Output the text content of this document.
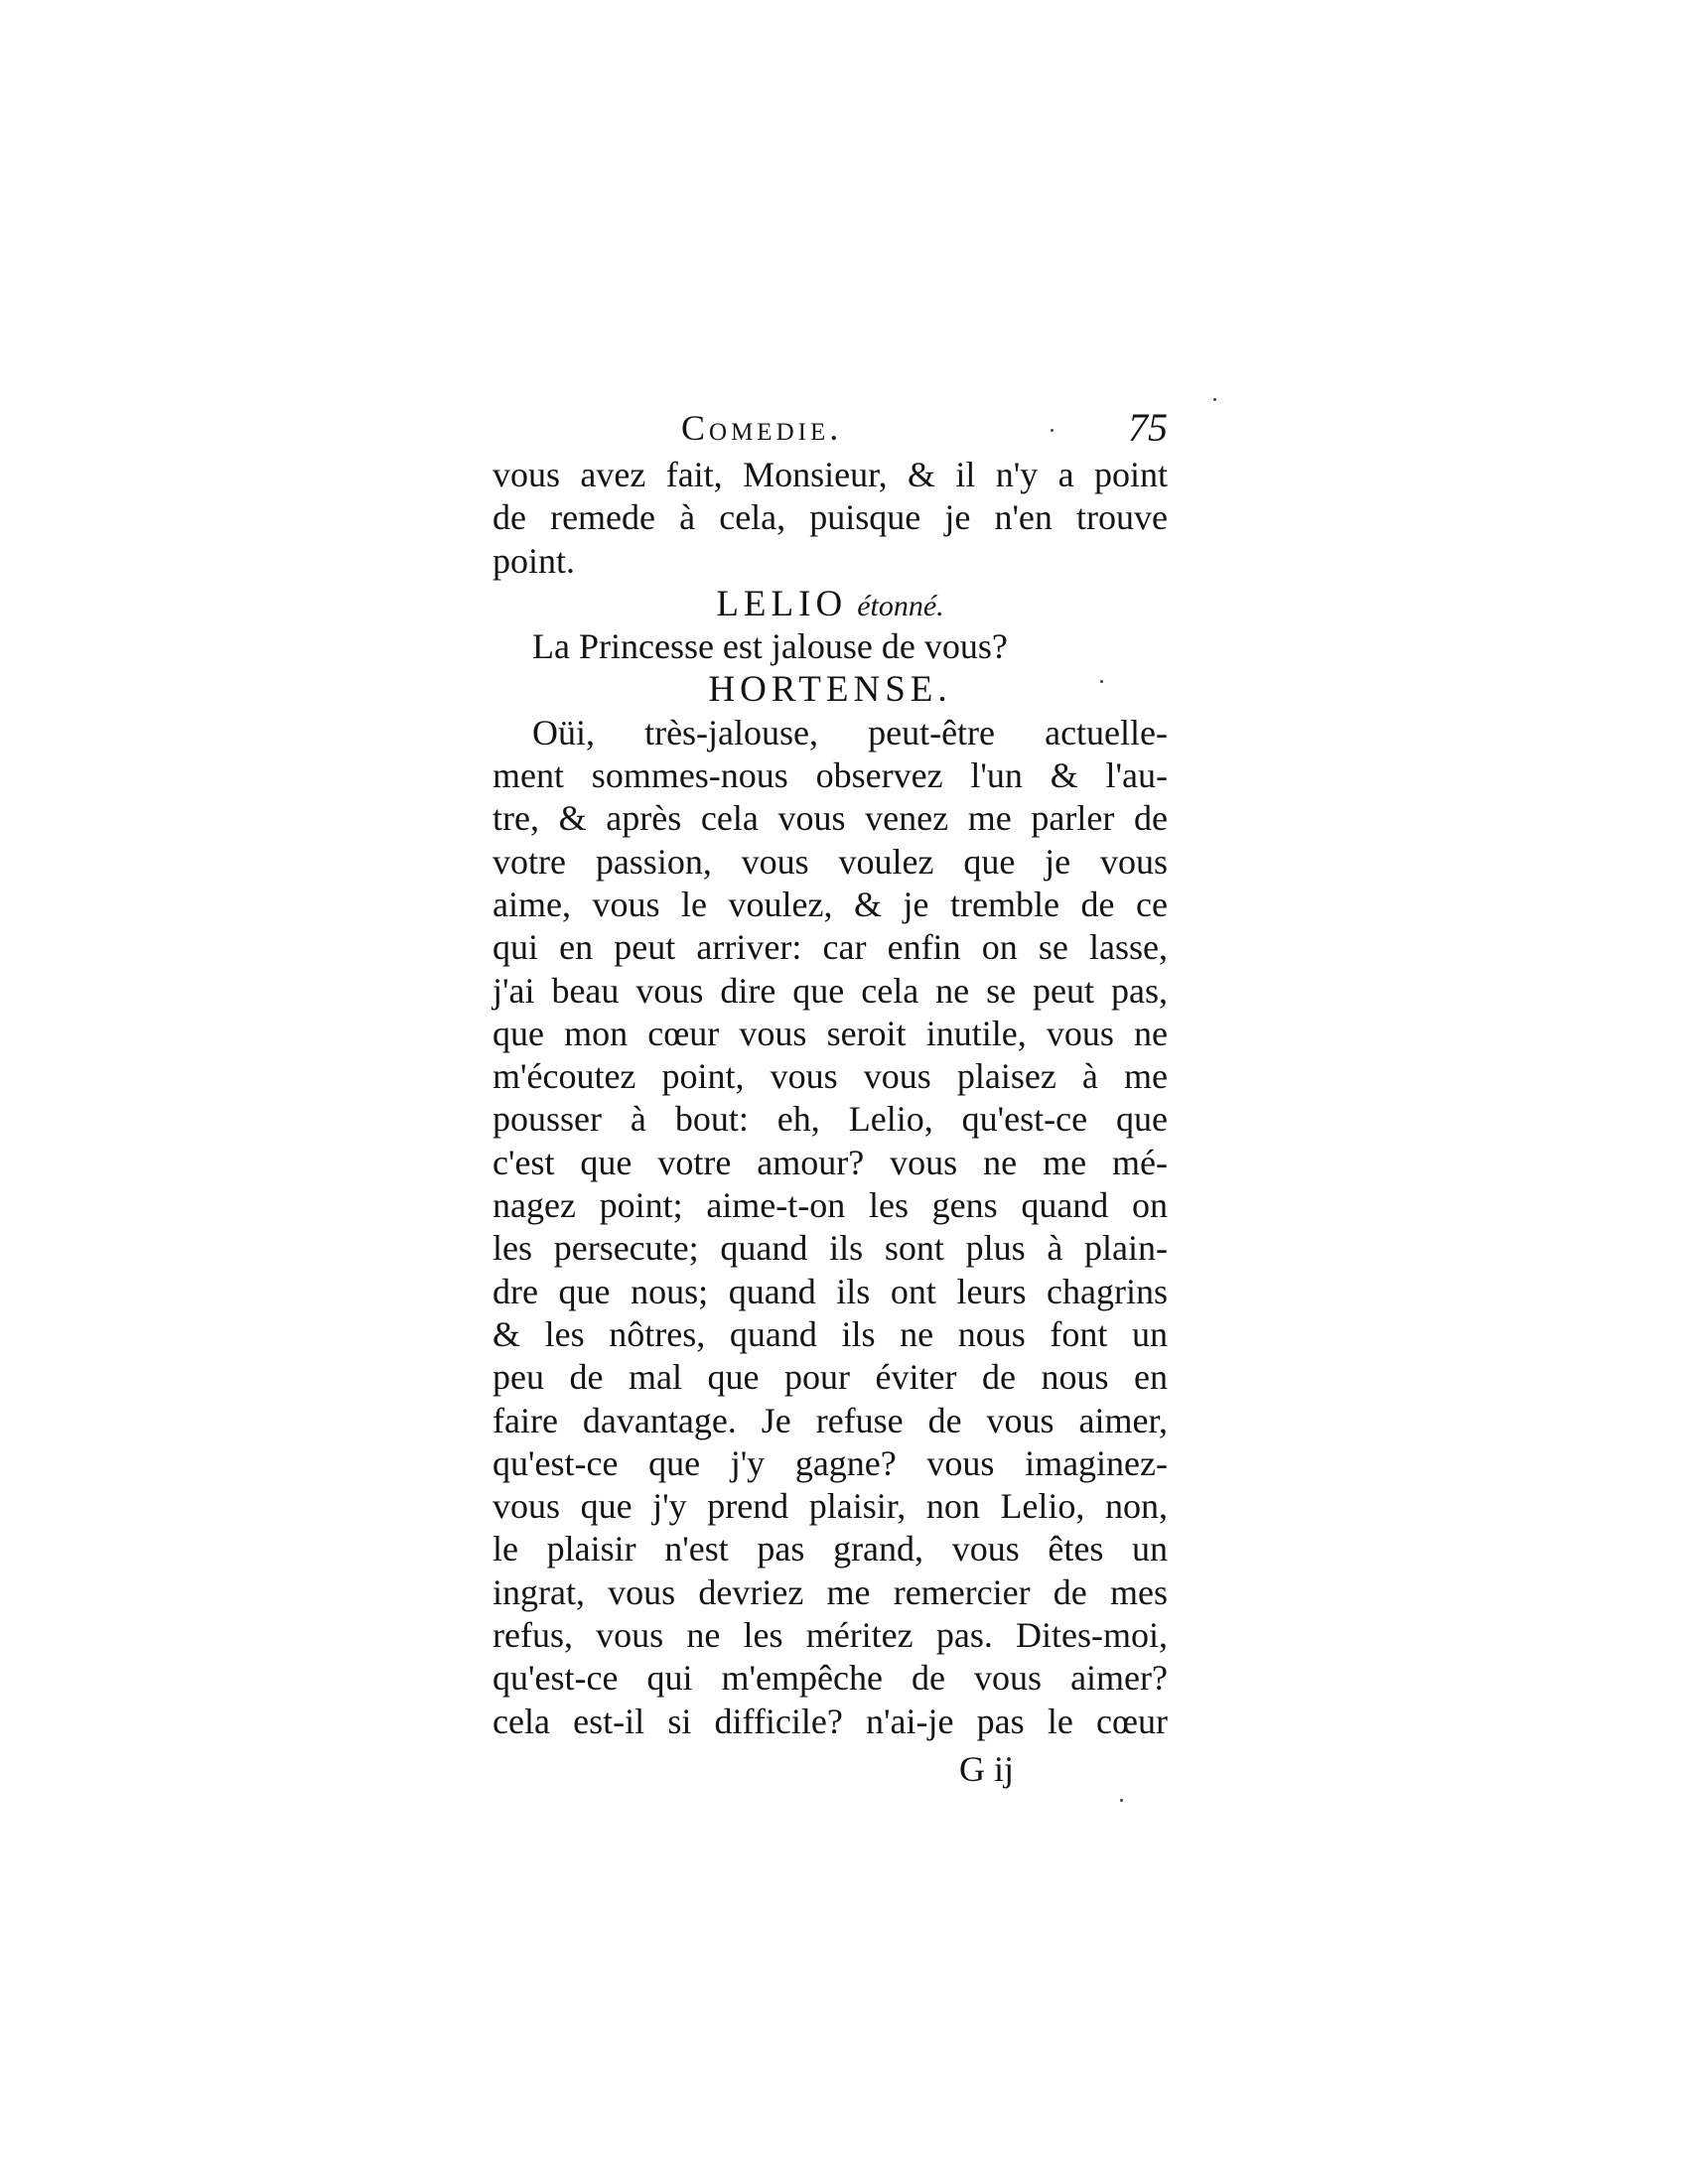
Comedie.	75
vous avez fait, Monsieur, & il n'y a point
de remede à cela, puisque je n'en trouve
point.
LELIO étonné.
La Princesse est jalouse de vous?
HORTENSE.
Oüi, très-jalouse, peut-être actuelle-
ment sommes-nous observez l'un & l'au-
tre, & après cela vous venez me parler de
votre passion, vous voulez que je vous
aime, vous le voulez, & je tremble de ce
qui en peut arriver: car enfin on se lasse,
j'ai beau vous dire que cela ne se peut pas,
que mon cœur vous seroit inutile, vous ne
m'écoutez point, vous vous plaisez à me
pousser à bout: eh, Lelio, qu'est-ce que
c'est que votre amour? vous ne me mé-
nagez point; aime-t-on les gens quand on
les persecute; quand ils sont plus à plain-
dre que nous; quand ils ont leurs chagrins
& les nôtres, quand ils ne nous font un
peu de mal que pour éviter de nous en
faire davantage. Je refuse de vous aimer,
qu'est-ce que j'y gagne? vous imaginez-
vous que j'y prend plaisir, non Lelio, non,
le plaisir n'est pas grand, vous êtes un
ingrat, vous devriez me remercier de mes
refus, vous ne les méritez pas. Dites-moi,
qu'est-ce qui m'empêche de vous aimer?
cela est-il si difficile? n'ai-je pas le cœur
G ij
